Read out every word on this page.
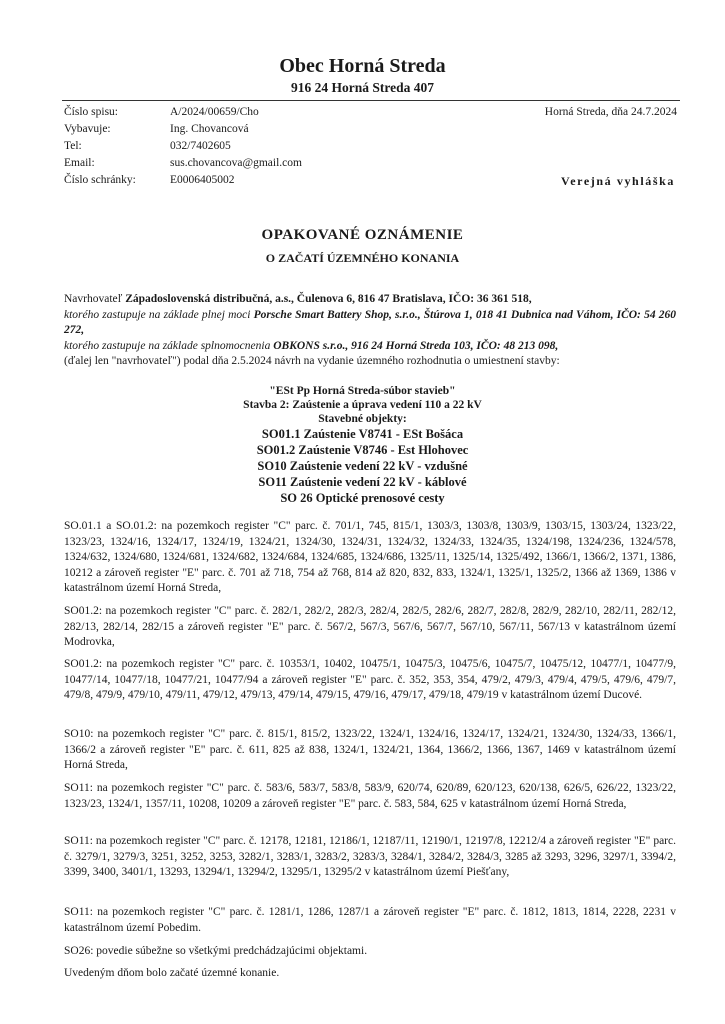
Obec Horná Streda
916 24 Horná Streda 407
Číslo spisu:	A/2024/00659/Cho
Vybavuje:	Ing. Chovancová
Tel:	032/7402605
Email:	sus.chovancova@gmail.com
Číslo schránky:	E0006405002
Horná Streda, dňa 24.7.2024
Verejná vyhláška
OPAKOVANÉ OZNÁMENIE
O ZAČATÍ ÚZEMNÉHO KONANIA
Navrhovateľ Západoslovenská distribučná, a.s., Čulenova 6, 816 47 Bratislava, IČO: 36 361 518,
ktorého zastupuje na základe plnej moci Porsche Smart Battery Shop, s.r.o., Štúrova 1, 018 41 Dubnica nad Váhom, IČO: 54 260 272,
ktorého zastupuje na základe splnomocnenia OBKONS s.r.o., 916 24 Horná Streda 103, IČO: 48 213 098,
(ďalej len "navrhovateľ") podal dňa 2.5.2024 návrh na vydanie územného rozhodnutia o umiestnení stavby:
"ESt Pp Horná Streda-súbor stavieb"
Stavba 2: Zaústenie a úprava vedení 110 a 22 kV
Stavebné objekty:
SO01.1 Zaústenie V8741 - ESt Bošáca
SO01.2 Zaústenie V8746 - Est Hlohovec
SO10 Zaústenie vedení 22 kV - vzdušné
SO11 Zaústenie vedení 22 kV - káblové
SO 26 Optické prenosové cesty
SO.01.1 a SO.01.2: na pozemkoch register "C" parc. č. 701/1, 745, 815/1, 1303/3, 1303/8, 1303/9, 1303/15, 1303/24, 1323/22, 1323/23, 1324/16, 1324/17, 1324/19, 1324/21, 1324/30, 1324/31, 1324/32, 1324/33, 1324/35, 1324/198, 1324/236, 1324/578, 1324/632, 1324/680, 1324/681, 1324/682, 1324/684, 1324/685, 1324/686, 1325/11, 1325/14, 1325/492, 1366/1, 1366/2, 1371, 1386, 10212 a zároveň register "E" parc. č. 701 až 718, 754 až 768, 814 až 820, 832, 833, 1324/1, 1325/1, 1325/2, 1366 až 1369, 1386 v katastrálnom území Horná Streda,
SO01.2: na pozemkoch register "C" parc. č. 282/1, 282/2, 282/3, 282/4, 282/5, 282/6, 282/7, 282/8, 282/9, 282/10, 282/11, 282/12, 282/13, 282/14, 282/15 a zároveň register "E" parc. č. 567/2, 567/3, 567/6, 567/7, 567/10, 567/11, 567/13 v katastrálnom území Modrovka,
SO01.2: na pozemkoch register "C" parc. č. 10353/1, 10402, 10475/1, 10475/3, 10475/6, 10475/7, 10475/12, 10477/1, 10477/9, 10477/14, 10477/18, 10477/21, 10477/94 a zároveň register "E" parc. č. 352, 353, 354, 479/2, 479/3, 479/4, 479/5, 479/6, 479/7, 479/8, 479/9, 479/10, 479/11, 479/12, 479/13, 479/14, 479/15, 479/16, 479/17, 479/18, 479/19 v katastrálnom území Ducové.
SO10: na pozemkoch register "C" parc. č. 815/1, 815/2, 1323/22, 1324/1, 1324/16, 1324/17, 1324/21, 1324/30, 1324/33, 1366/1, 1366/2 a zároveň register "E" parc. č. 611, 825 až 838, 1324/1, 1324/21, 1364, 1366/2, 1366, 1367, 1469 v katastrálnom území Horná Streda,
SO11: na pozemkoch register "C" parc. č. 583/6, 583/7, 583/8, 583/9, 620/74, 620/89, 620/123, 620/138, 626/5, 626/22, 1323/22, 1323/23, 1324/1, 1357/11, 10208, 10209 a zároveň register "E" parc. č. 583, 584, 625 v katastrálnom území Horná Streda,
SO11: na pozemkoch register "C" parc. č. 12178, 12181, 12186/1, 12187/11, 12190/1, 12197/8, 12212/4 a zároveň register "E" parc. č. 3279/1, 3279/3, 3251, 3252, 3253, 3282/1, 3283/1, 3283/2, 3283/3, 3284/1, 3284/2, 3284/3, 3285 až 3293, 3296, 3297/1, 3394/2, 3399, 3400, 3401/1, 13293, 13294/1, 13294/2, 13295/1, 13295/2 v katastrálnom území Piešťany,
SO11: na pozemkoch register "C" parc. č. 1281/1, 1286, 1287/1 a zároveň register "E" parc. č. 1812, 1813, 1814, 2228, 2231 v katastrálnom území Pobedim.
SO26: povedie súbežne so všetkými predchádzajúcimi objektami.
Uvedeným dňom bolo začaté územné konanie.
